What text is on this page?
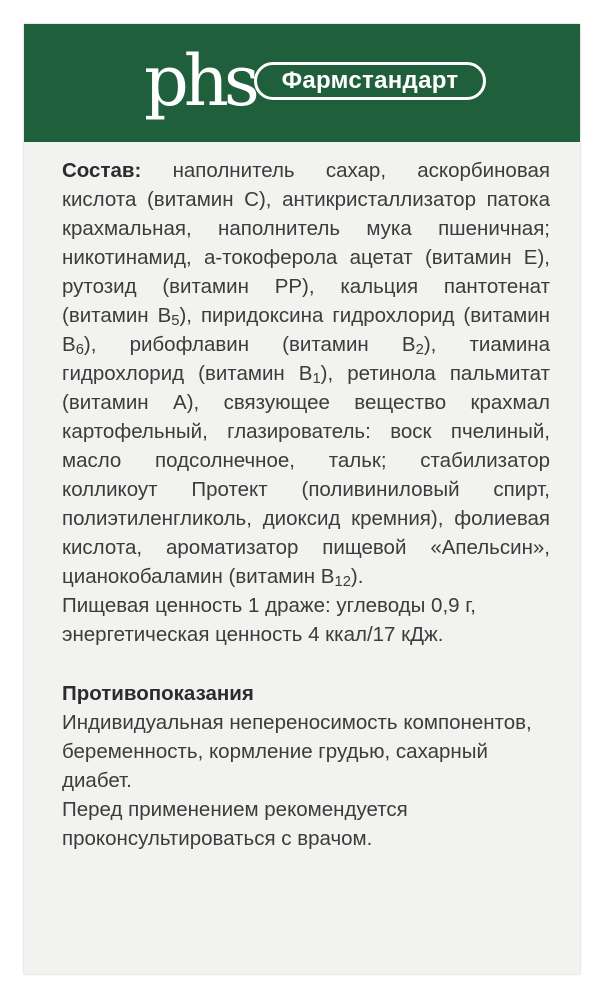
phs	Фармстандарт

Состав: наполнитель сахар, аскорбиновая кислота (витамин С), антикристаллизатор патока крахмальная, наполнитель мука пшеничная; никотинамид, а-токоферола ацетат (витамин Е), рутозид (витамин РР), кальция пантотенат (витамин $В_5$), пиридоксина гидрохлорид (витамин $В_6$), рибофлавин (витамин $В_2$), тиамина гидрохлорид (витамин $В_1$), ретинола пальмитат (витамин А), связующее вещество крахмал картофельный, глазирователь: воск пчелиный, масло подсолнечное, тальк; стабилизатор колликоут Протект (поливиниловый спирт, полиэтиленгликоль, диоксид кремния), фолиевая кислота, ароматизатор пищевой «Апельсин», цианокобаламин (витамин $В_{12}$).

Пищевая ценность 1 драже: углеводы 0,9 г, энергетическая ценность 4 ккал/17 кДж.

Противопоказания

Индивидуальная непереносимость компонентов, беременность, кормление грудью, сахарный диабет.

Перед применением рекомендуется проконсультироваться с врачом.
